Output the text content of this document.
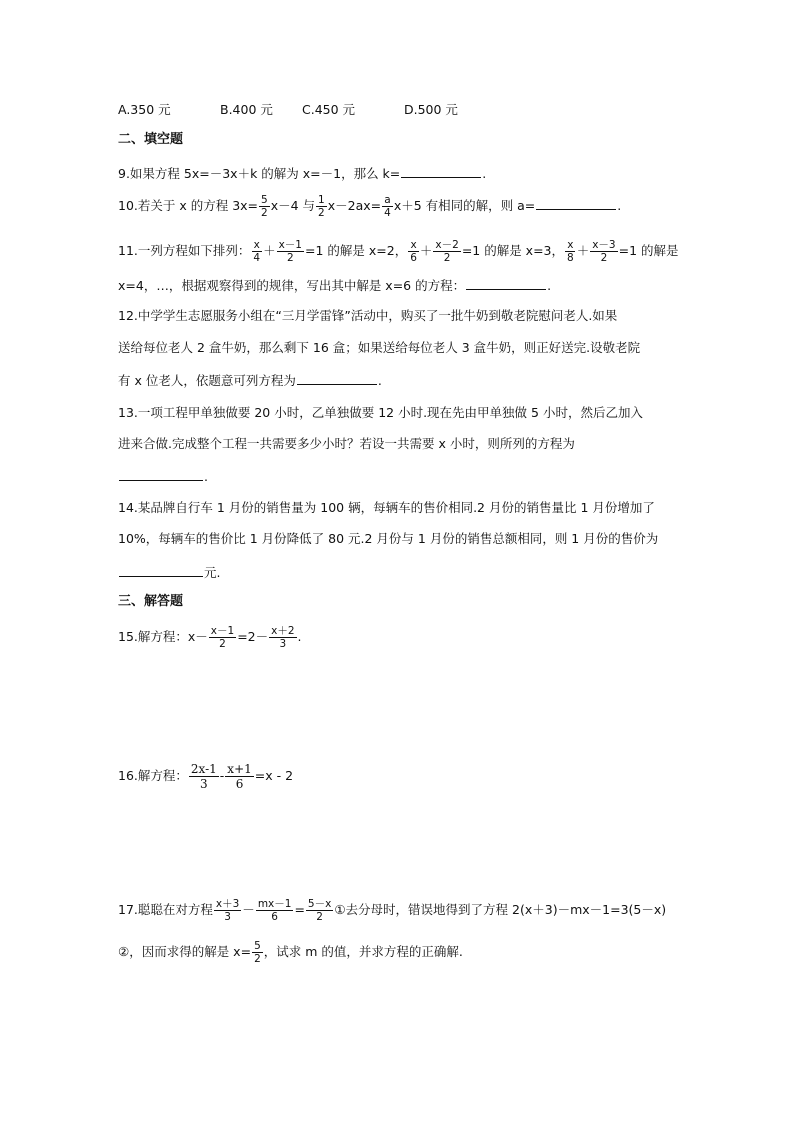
A.350 元	B.400 元 C.450 元	D.500 元
二、填空题
9.如果方程 5x=－3x＋k 的解为 x=－1，那么 k=	.
10.若关于 x 的方程 $3x= \frac{5}{2} x-4$ 与 $\frac{1}{2} x-2ax= \frac{a}{4} x+5$ 有相同的解，则 a=	.
11.一列方程如下排列： $\frac{x}{4} + \frac{x-1}{2} =1$ 的解是 x=2， $\frac{x}{6} + \frac{x-2}{2} =1$ 的解是 x=3， $\frac{x}{8} + \frac{x-3}{2} =1$ 的解是
x=4，…，根据观察得到的规律，写出其中解是 x=6 的方程：	.
12.中学学生志愿服务小组在“三月学雷锋”活动中，购买了一批牛奶到敬老院慰问老人.如果
送给每位老人 2 盒牛奶，那么剩下 16 盒；如果送给每位老人 3 盒牛奶，则正好送完.设敬老院
有 x 位老人，依题意可列方程为	.
13.一项工程甲单独做要 20 小时，乙单独做要 12 小时.现在先由甲单独做 5 小时，然后乙加入
进来合做.完成整个工程一共需要多少小时？若设一共需要 x 小时，则所列的方程为
.
14.某品牌自行车 1 月份的销售量为 100 辆，每辆车的售价相同.2 月份的销售量比 1 月份增加了
10%，每辆车的售价比 1 月份降低了 80 元.2 月份与 1 月份的销售总额相同，则 1 月份的售价为
元.
三、解答题
15.解方程：$x- \frac{x-1}{2} =2- \frac{x+2}{3}$ .
16.解方程： $\frac{2x-1}{3} - \frac{x+1}{6} =x - 2$
17.聪聪在对方程 $\frac{x+3}{3} - \frac{mx-1}{6} = \frac{5-x}{2}$ ①去分母时，错误地得到了方程 2(x＋3)－mx－1=3(5－x)
②，因而求得的解是 $x= \frac{5}{2}$ ，试求 m 的值，并求方程的正确解.
